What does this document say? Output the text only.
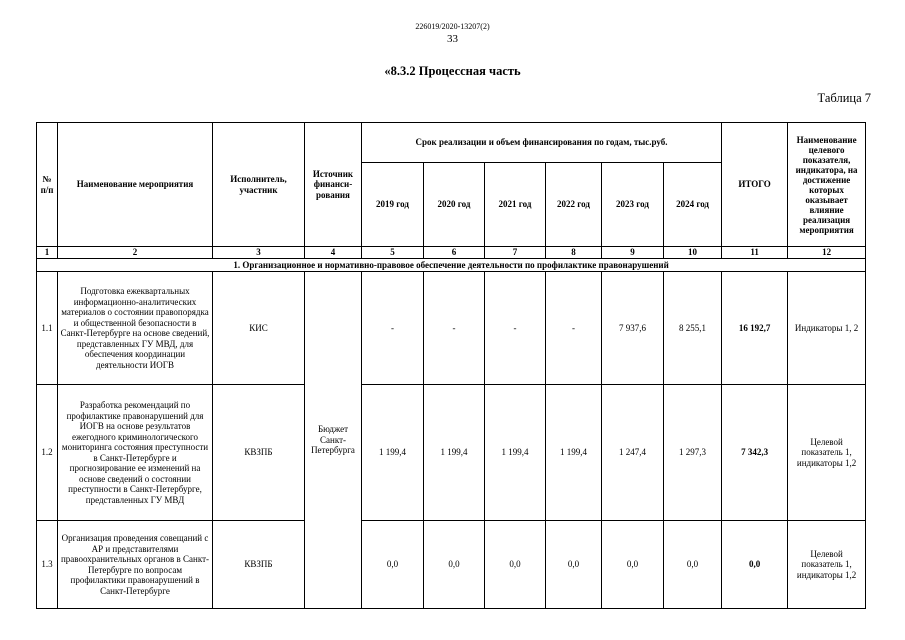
226019/2020-13207(2)
33
«8.3.2 Процессная часть
Таблица 7
№ п/п	Наименование мероприятия	Исполнитель, участник	Источник финанси-рования	Срок реализации и объем финансирования по годам, тыс.руб.						ИТОГО	Наименование целевого показателя, индикатора, на достижение которых оказывает влияние реализация мероприятия
				2019 год	2020 год	2021 год	2022 год	2023 год	2024 год		
1	2	3	4	5	6	7	8	9	10	11	12
1. Организационное и нормативно-правовое обеспечение деятельности по профилактике правонарушений											
1.1	Подготовка ежеквартальных информационно-аналитических материалов о состоянии правопорядка и общественной безопасности в Санкт-Петербурге на основе сведений, представленных ГУ МВД, для обеспечения координации деятельности ИОГВ	КИС	Бюджет Санкт-Петербурга	-	-	-	-	7 937,6	8 255,1	16 192,7	Индикаторы 1, 2
1.2	Разработка рекомендаций по профилактике правонарушений для ИОГВ на основе результатов ежегодного криминологического мониторинга состояния преступности в Санкт-Петербурге и прогнозирование ее изменений на основе сведений о состоянии преступности в Санкт-Петербурге, представленных ГУ МВД	КВЗПБ		1 199,4	1 199,4	1 199,4	1 199,4	1 247,4	1 297,3	7 342,3	Целевой показатель 1, индикаторы 1,2
1.3	Организация проведения совещаний с АР и представителями правоохранительных органов в Санкт-Петербурге по вопросам профилактики правонарушений в Санкт-Петербурге	КВЗПБ		0,0	0,0	0,0	0,0	0,0	0,0	0,0	Целевой показатель 1, индикаторы 1,2
